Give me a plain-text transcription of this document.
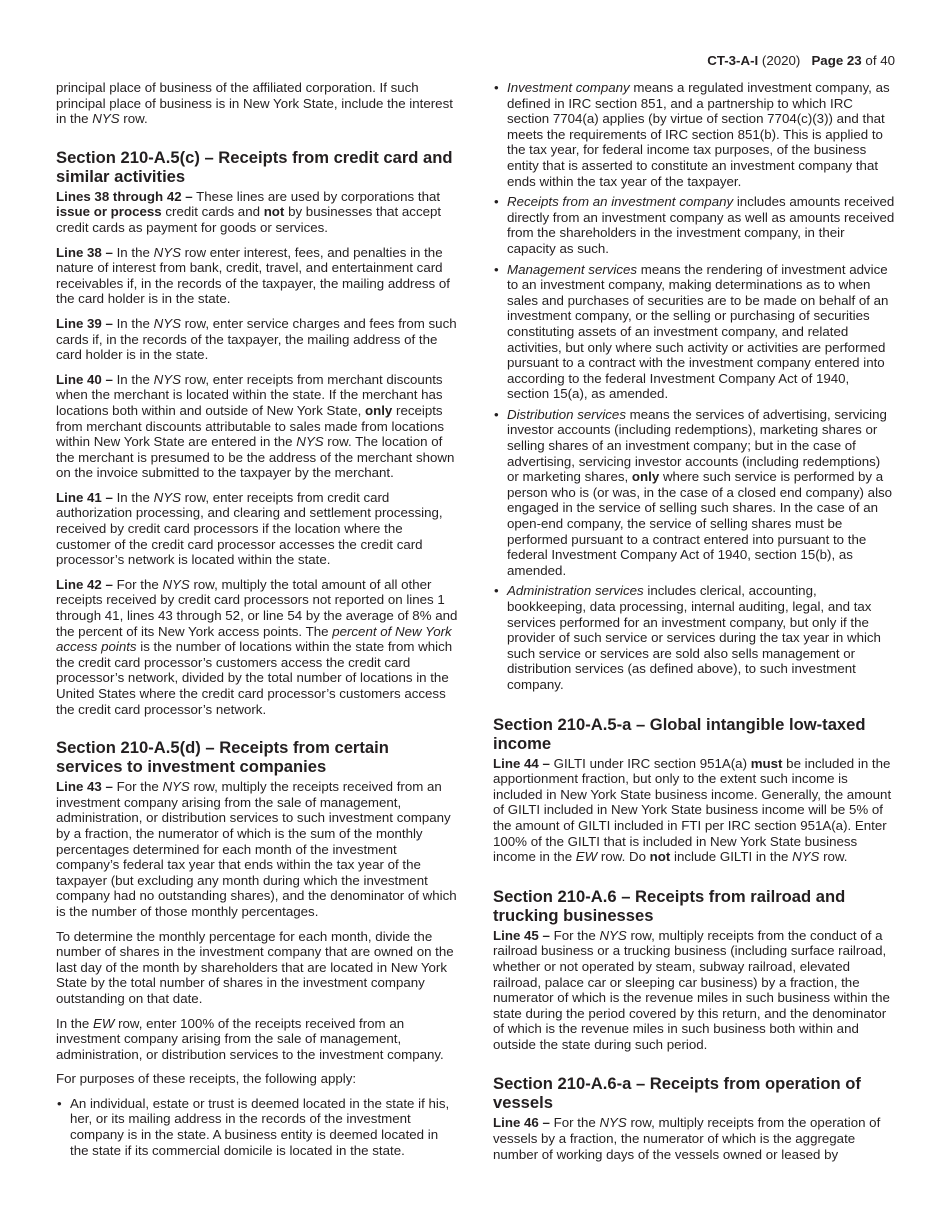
CT-3-A-I (2020) Page 23 of 40

principal place of business of the affiliated corporation. If such principal place of business is in New York State, include the interest in the NYS row.

Section 210-A.5(c) – Receipts from credit card and similar activities

Lines 38 through 42 – These lines are used by corporations that issue or process credit cards and not by businesses that accept credit cards as payment for goods or services.

Line 38 – In the NYS row enter interest, fees, and penalties in the nature of interest from bank, credit, travel, and entertainment card receivables if, in the records of the taxpayer, the mailing address of the card holder is in the state.

Line 39 – In the NYS row, enter service charges and fees from such cards if, in the records of the taxpayer, the mailing address of the card holder is in the state.

Line 40 – In the NYS row, enter receipts from merchant discounts when the merchant is located within the state. If the merchant has locations both within and outside of New York State, only receipts from merchant discounts attributable to sales made from locations within New York State are entered in the NYS row. The location of the merchant is presumed to be the address of the merchant shown on the invoice submitted to the taxpayer by the merchant.

Line 41 – In the NYS row, enter receipts from credit card authorization processing, and clearing and settlement processing, received by credit card processors if the location where the customer of the credit card processor accesses the credit card processor’s network is located within the state.

Line 42 – For the NYS row, multiply the total amount of all other receipts received by credit card processors not reported on lines 1 through 41, lines 43 through 52, or line 54 by the average of 8% and the percent of its New York access points. The percent of New York access points is the number of locations within the state from which the credit card processor’s customers access the credit card processor’s network, divided by the total number of locations in the United States where the credit card processor’s customers access the credit card processor’s network.

Section 210-A.5(d) – Receipts from certain services to investment companies

Line 43 – For the NYS row, multiply the receipts received from an investment company arising from the sale of management, administration, or distribution services to such investment company by a fraction, the numerator of which is the sum of the monthly percentages determined for each month of the investment company’s federal tax year that ends within the tax year of the taxpayer (but excluding any month during which the investment company had no outstanding shares), and the denominator of which is the number of those monthly percentages.

To determine the monthly percentage for each month, divide the number of shares in the investment company that are owned on the last day of the month by shareholders that are located in New York State by the total number of shares in the investment company outstanding on that date.

In the EW row, enter 100% of the receipts received from an investment company arising from the sale of management, administration, or distribution services to the investment company.

For purposes of these receipts, the following apply:

• An individual, estate or trust is deemed located in the state if his, her, or its mailing address in the records of the investment company is in the state. A business entity is deemed located in the state if its commercial domicile is located in the state.
• Investment company means a regulated investment company, as defined in IRC section 851, and a partnership to which IRC section 7704(a) applies (by virtue of section 7704(c)(3)) and that meets the requirements of IRC section 851(b). This is applied to the tax year, for federal income tax purposes, of the business entity that is asserted to constitute an investment company that ends within the tax year of the taxpayer.
• Receipts from an investment company includes amounts received directly from an investment company as well as amounts received from the shareholders in the investment company, in their capacity as such.
• Management services means the rendering of investment advice to an investment company, making determinations as to when sales and purchases of securities are to be made on behalf of an investment company, or the selling or purchasing of securities constituting assets of an investment company, and related activities, but only where such activity or activities are performed pursuant to a contract with the investment company entered into according to the federal Investment Company Act of 1940, section 15(a), as amended.
• Distribution services means the services of advertising, servicing investor accounts (including redemptions), marketing shares or selling shares of an investment company; but in the case of advertising, servicing investor accounts (including redemptions) or marketing shares, only where such service is performed by a person who is (or was, in the case of a closed end company) also engaged in the service of selling such shares. In the case of an open-end company, the service of selling shares must be performed pursuant to a contract entered into pursuant to the federal Investment Company Act of 1940, section 15(b), as amended.
• Administration services includes clerical, accounting, bookkeeping, data processing, internal auditing, legal, and tax services performed for an investment company, but only if the provider of such service or services during the tax year in which such service or services are sold also sells management or distribution services (as defined above), to such investment company.
Section 210-A.5-a – Global intangible low-taxed income

Line 44 – GILTI under IRC section 951A(a) must be included in the apportionment fraction, but only to the extent such income is included in New York State business income. Generally, the amount of GILTI included in New York State business income will be 5% of the amount of GILTI included in FTI per IRC section 951A(a). Enter 100% of the GILTI that is included in New York State business income in the EW row. Do not include GILTI in the NYS row.

Section 210-A.6 – Receipts from railroad and trucking businesses

Line 45 – For the NYS row, multiply receipts from the conduct of a railroad business or a trucking business (including surface railroad, whether or not operated by steam, subway railroad, elevated railroad, palace car or sleeping car business) by a fraction, the numerator of which is the revenue miles in such business within the state during the period covered by this return, and the denominator of which is the revenue miles in such business both within and outside the state during such period.

Section 210-A.6-a – Receipts from operation of vessels

Line 46 – For the NYS row, multiply receipts from the operation of vessels by a fraction, the numerator of which is the aggregate number of working days of the vessels owned or leased by
